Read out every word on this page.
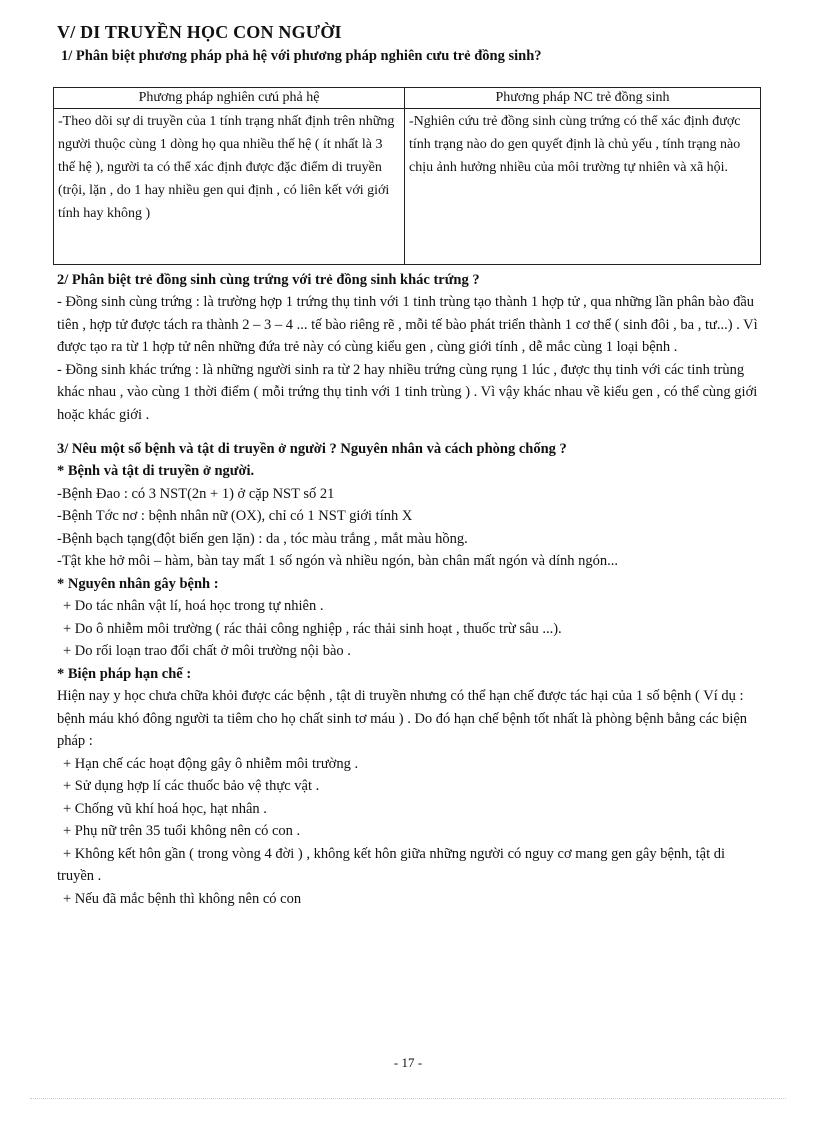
V/ DI TRUYỀN HỌC CON NGƯỜI
1/ Phân biệt phương pháp phả hệ với phương pháp nghiên cưu trẻ đồng sinh?
Phương pháp nghiên cưú phả hệ	Phương pháp NC trẻ đồng sinh
-Theo dõi sự di truyền của 1 tính trạng nhất định trên những người thuộc cùng 1 dòng họ qua nhiều thế hệ ( ít nhất là 3 thế hệ ), người ta có thể xác định được đặc điểm di truyền (trội, lặn , do 1 hay nhiều gen qui định , có liên kết với giới tính hay không )	-Nghiên cứu trẻ đồng sinh cùng trứng có thể xác định được tính trạng nào do gen quyết định là chủ yếu , tính trạng nào chịu ảnh hưởng nhiều của môi trường tự nhiên và xã hội.
2/ Phân biệt trẻ đồng sinh cùng trứng với trẻ đồng sinh khác trứng ?

- Đồng sinh cùng trứng : là trường hợp 1 trứng thụ tinh với 1 tinh trùng tạo thành 1 hợp tử , qua những lần phân bào đầu tiên , hợp tử được tách ra thành 2 – 3 – 4 ... tế bào riêng rẽ , mỗi tế bào phát triển thành 1 cơ thể ( sinh đôi , ba , tư...) . Vì được tạo ra từ 1 hợp tử nên những đứa trẻ này có cùng kiểu gen , cùng giới tính , dễ mắc cùng 1 loại bệnh .

- Đồng sinh khác trứng : là những người sinh ra từ 2 hay nhiều trứng cùng rụng 1 lúc , được thụ tinh với các tinh trùng khác nhau , vào cùng 1 thời điểm ( mỗi trứng thụ tinh với 1 tinh trùng ) . Vì vậy khác nhau về kiểu gen , có thể cùng giới hoặc khác giới .

3/ Nêu một số bệnh và tật di truyền ở người ? Nguyên nhân và cách phòng chống ?
* Bệnh và tật di truyền ở người.

-Bệnh Đao : có 3 NST(2n + 1) ở cặp NST số 21

-Bệnh Tớc nơ : bệnh nhân nữ (OX), chỉ có 1 NST giới tính X

-Bệnh bạch tạng(đột biến gen lặn) : da , tóc màu trắng , mắt màu hồng.

-Tật khe hở môi – hàm, bàn tay mất 1 số ngón và nhiều ngón, bàn chân mất ngón và dính ngón...

* Nguyên nhân gây bệnh :

+ Do tác nhân vật lí, hoá học trong tự nhiên .

+ Do ô nhiễm môi trường ( rác thải công nghiệp , rác thải sinh hoạt , thuốc trừ sâu ...).

+ Do rối loạn trao đổi chất ở môi trường nội bào .

* Biện pháp hạn chế :

Hiện nay y học chưa chữa khỏi được các bệnh , tật di truyền nhưng có thể hạn chế được tác hại của 1 số bệnh ( Ví dụ : bệnh máu khó đông người ta tiêm cho họ chất sinh tơ máu ) . Do đó hạn chế bệnh tốt nhất là phòng bệnh bằng các biện pháp :

+ Hạn chế các hoạt động gây ô nhiễm môi trường .

+ Sử dụng hợp lí các thuốc bảo vệ thực vật .

+ Chống vũ khí hoá học, hạt nhân .

+ Phụ nữ trên 35 tuổi không nên có con .

+ Không kết hôn gần ( trong vòng 4 đời ) , không kết hôn giữa những người có nguy cơ mang gen gây bệnh, tật di truyền .

+ Nếu đã mắc bệnh thì không nên có con

- 17 -
